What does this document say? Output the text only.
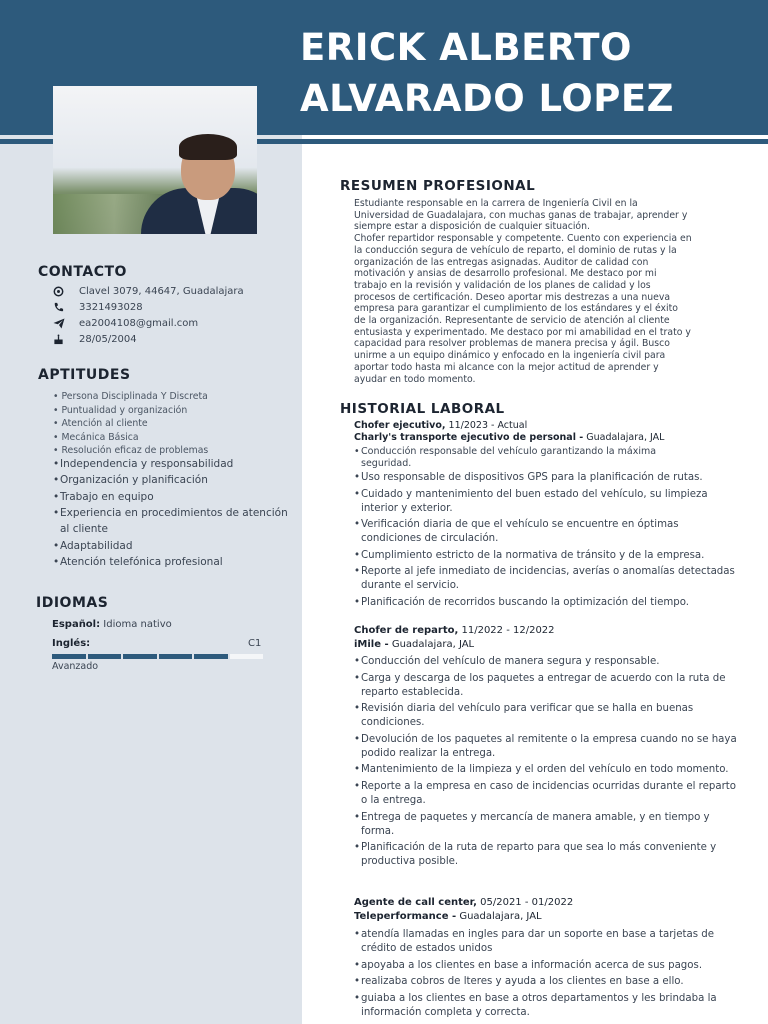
ERICK ALBERTO
ALVARADO LOPEZ
CONTACTO
Clavel 3079, 44647, Guadalajara
3321493028
ea2004108@gmail.com
28/05/2004
APTITUDES
• Persona Disciplinada Y Discreta
• Puntualidad y organización
• Atención al cliente
• Mecánica Básica
• Resolución eficaz de problemas
• Independencia y responsabilidad
• Organización y planificación
• Trabajo en equipo
• Experiencia en procedimientos de atención al cliente
• Adaptabilidad
• Atención telefónica profesional
IDIOMAS
Español: Idioma nativo
Inglés:	C1
Avanzado
RESUMEN PROFESIONAL
Estudiante responsable en la carrera de Ingeniería Civil en la
Universidad de Guadalajara, con muchas ganas de trabajar, aprender y
siempre estar a disposición de cualquier situación.
Chofer repartidor responsable y competente. Cuento con experiencia en
la conducción segura de vehículo de reparto, el dominio de rutas y la
organización de las entregas asignadas. Auditor de calidad con
motivación y ansias de desarrollo profesional. Me destaco por mi
trabajo en la revisión y validación de los planes de calidad y los
procesos de certificación. Deseo aportar mis destrezas a una nueva
empresa para garantizar el cumplimiento de los estándares y el éxito
de la organización. Representante de servicio de atención al cliente
entusiasta y experimentado. Me destaco por mi amabilidad en el trato y
capacidad para resolver problemas de manera precisa y ágil. Busco
unirme a un equipo dinámico y enfocado en la ingeniería civil para
aportar todo hasta mi alcance con la mejor actitud de aprender y
ayudar en todo momento.
HISTORIAL LABORAL
Chofer ejecutivo, 11/2023 - Actual
Charly's transporte ejecutivo de personal - Guadalajara, JAL
• Conducción responsable del vehículo garantizando la máxima
seguridad.
• Uso responsable de dispositivos GPS para la planificación de rutas.
• Cuidado y mantenimiento del buen estado del vehículo, su limpieza interior y exterior.
• Verificación diaria de que el vehículo se encuentre en óptimas condiciones de circulación.
• Cumplimiento estricto de la normativa de tránsito y de la empresa.
• Reporte al jefe inmediato de incidencias, averías o anomalías detectadas durante el servicio.
• Planificación de recorridos buscando la optimización del tiempo.
Chofer de reparto, 11/2022 - 12/2022
iMile - Guadalajara, JAL
• Conducción del vehículo de manera segura y responsable.
• Carga y descarga de los paquetes a entregar de acuerdo con la ruta de reparto establecida.
• Revisión diaria del vehículo para verificar que se halla en buenas condiciones.
• Devolución de los paquetes al remitente o la empresa cuando no se haya podido realizar la entrega.
• Mantenimiento de la limpieza y el orden del vehículo en todo momento.
• Reporte a la empresa en caso de incidencias ocurridas durante el reparto o la entrega.
• Entrega de paquetes y mercancía de manera amable, y en tiempo y forma.
• Planificación de la ruta de reparto para que sea lo más conveniente y productiva posible.
Agente de call center, 05/2021 - 01/2022
Teleperformance - Guadalajara, JAL
• atendía llamadas en ingles para dar un soporte en base a tarjetas de crédito de estados unidos
• apoyaba a los clientes en base a información acerca de sus pagos.
• realizaba cobros de lteres y ayuda a los clientes en base a ello.
• guiaba a los clientes en base a otros departamentos y les brindaba la información completa y correcta.
